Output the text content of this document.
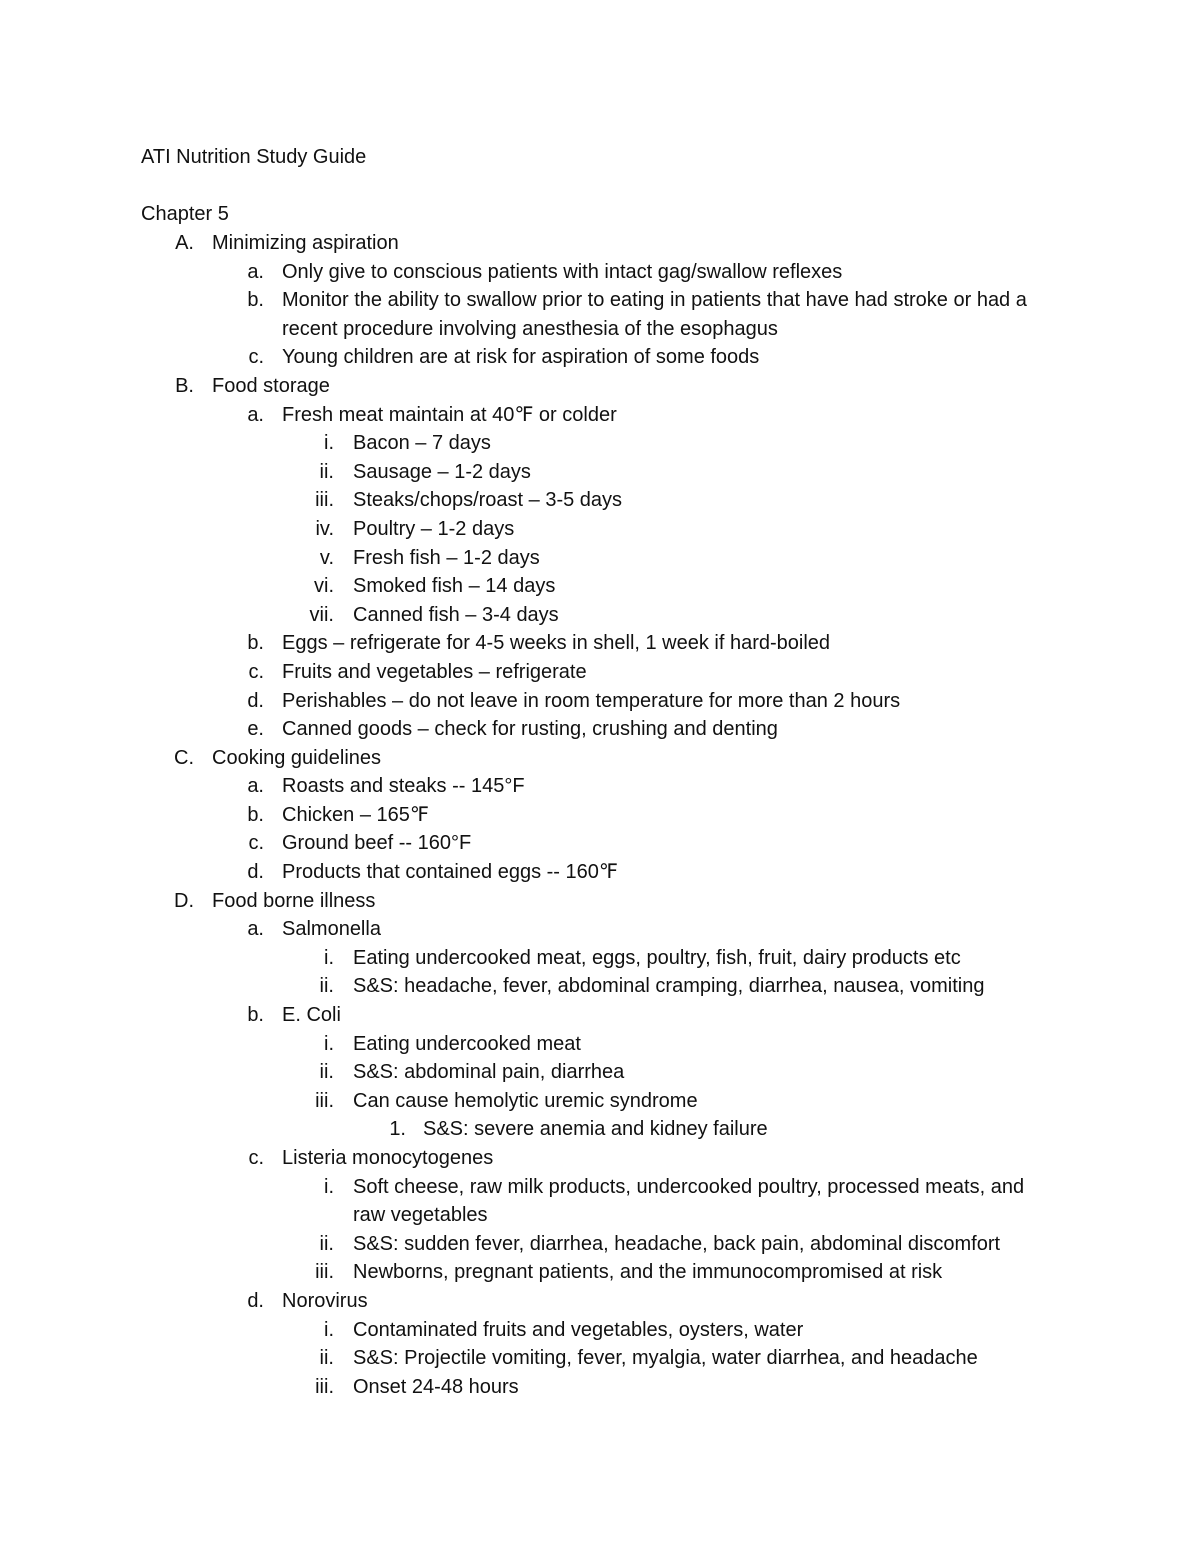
ATI Nutrition Study Guide
Chapter 5
A. Minimizing aspiration
a. Only give to conscious patients with intact gag/swallow reflexes
b. Monitor the ability to swallow prior to eating in patients that have had stroke or had a recent procedure involving anesthesia of the esophagus
c. Young children are at risk for aspiration of some foods
B. Food storage
a. Fresh meat maintain at 40℉ or colder
i. Bacon – 7 days
ii. Sausage – 1-2 days
iii. Steaks/chops/roast – 3-5 days
iv. Poultry – 1-2 days
v. Fresh fish – 1-2 days
vi. Smoked fish – 14 days
vii. Canned fish – 3-4 days
b. Eggs – refrigerate for 4-5 weeks in shell, 1 week if hard-boiled
c. Fruits and vegetables – refrigerate
d. Perishables – do not leave in room temperature for more than 2 hours
e. Canned goods – check for rusting, crushing and denting
C. Cooking guidelines
a. Roasts and steaks -- 145°F
b. Chicken – 165℉
c. Ground beef -- 160°F
d. Products that contained eggs -- 160℉
D. Food borne illness
a. Salmonella
i. Eating undercooked meat, eggs, poultry, fish, fruit, dairy products etc
ii. S&S: headache, fever, abdominal cramping, diarrhea, nausea, vomiting
b. E. Coli
i. Eating undercooked meat
ii. S&S: abdominal pain, diarrhea
iii. Can cause hemolytic uremic syndrome
1. S&S: severe anemia and kidney failure
c. Listeria monocytogenes
i. Soft cheese, raw milk products, undercooked poultry, processed meats, and raw vegetables
ii. S&S: sudden fever, diarrhea, headache, back pain, abdominal discomfort
iii. Newborns, pregnant patients, and the immunocompromised at risk
d. Norovirus
i. Contaminated fruits and vegetables, oysters, water
ii. S&S: Projectile vomiting, fever, myalgia, water diarrhea, and headache
iii. Onset 24-48 hours
